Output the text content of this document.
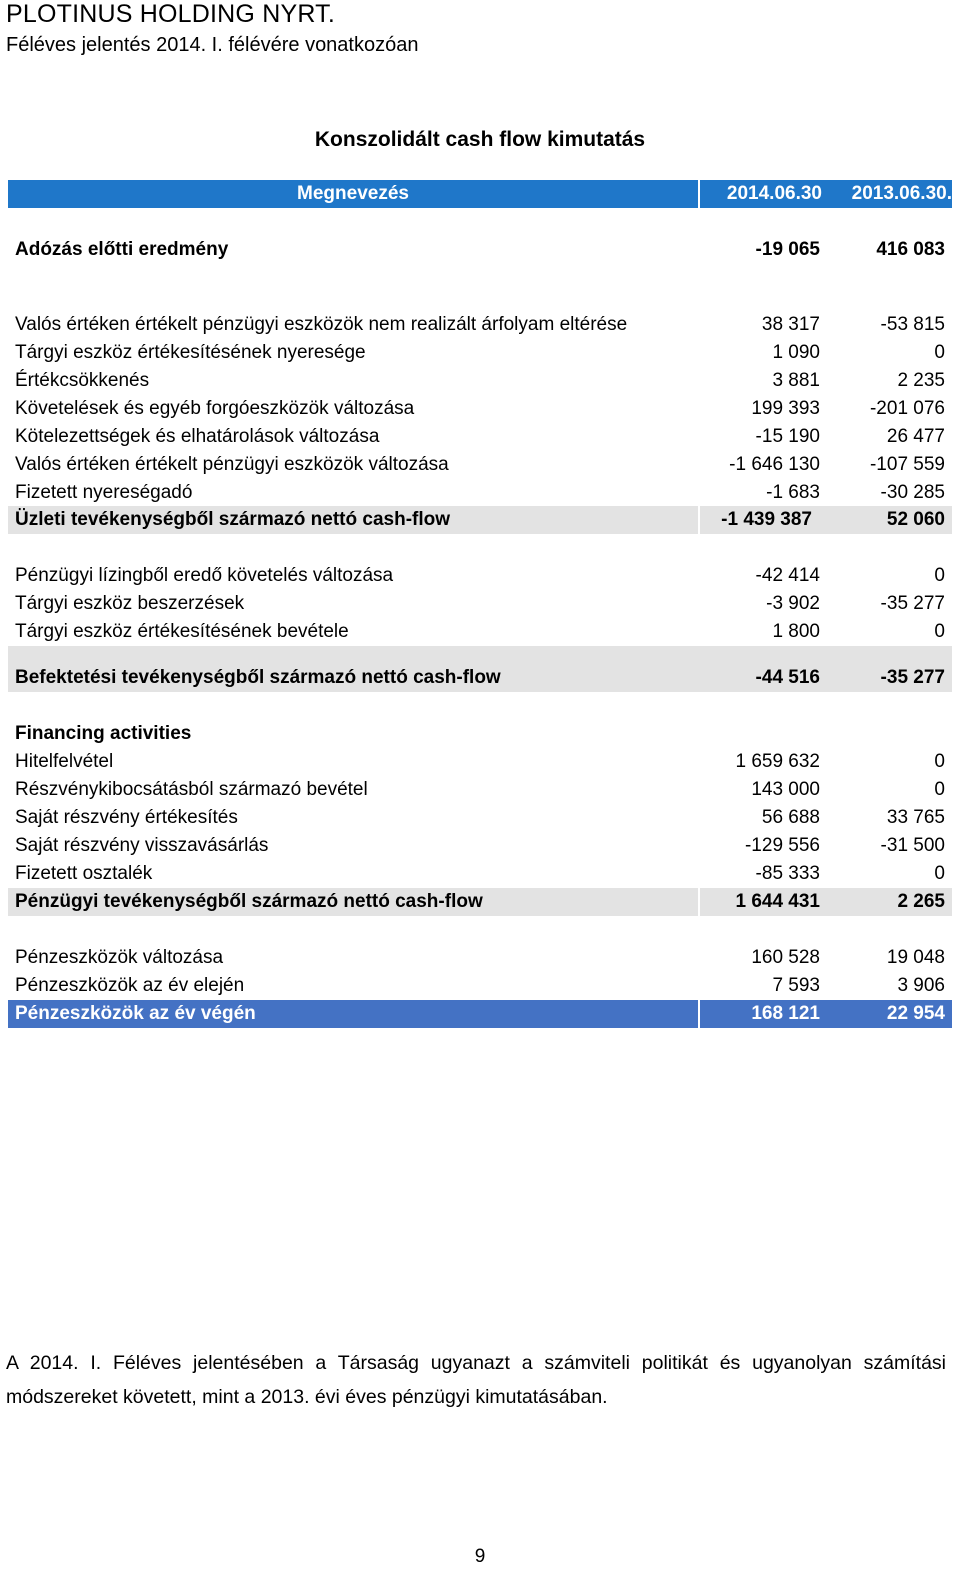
PLOTINUS HOLDING NYRT.
Féléves jelentés 2014. I. félévére vonatkozóan
Konszolidált cash flow kimutatás
Megnevezés	2014.06.30 2013.06.30.
Adózás előtti eredmény	-19 065	416 083
Valós értéken értékelt pénzügyi eszközök nem realizált árfolyam eltérése	38 317	-53 815
Tárgyi eszköz értékesítésének nyeresége	1 090	0
Értékcsökkenés	3 881	2 235
Követelések és egyéb forgóeszközök változása	199 393	-201 076
Kötelezettségek és elhatárolások változása	-15 190	26 477
Valós értéken értékelt pénzügyi eszközök változása	-1 646 130	-107 559
Fizetett nyereségadó	-1 683	-30 285
Üzleti tevékenységből származó nettó cash-flow	-1 439 387	52 060
Pénzügyi lízingből eredő követelés változása	-42 414	0
Tárgyi eszköz beszerzések	-3 902	-35 277
Tárgyi eszköz értékesítésének bevétele	1 800	0
Befektetési tevékenységből származó nettó cash-flow	-44 516	-35 277
Financing activities
Hitelfelvétel	1 659 632	0
Részvénykibocsátásból származó bevétel	143 000	0
Saját részvény értékesítés	56 688	33 765
Saját részvény visszavásárlás	-129 556	-31 500
Fizetett osztalék	-85 333	0
Pénzügyi tevékenységből származó nettó cash-flow	1 644 431	2 265
Pénzeszközök változása	160 528	19 048
Pénzeszközök az év elején	7 593	3 906
Pénzeszközök az év végén	168 121	22 954
A 2014. I. Féléves jelentésében a Társaság ugyanazt a számviteli politikát és ugyanolyan számítási módszereket követett, mint a 2013. évi éves pénzügyi kimutatásában.
9
